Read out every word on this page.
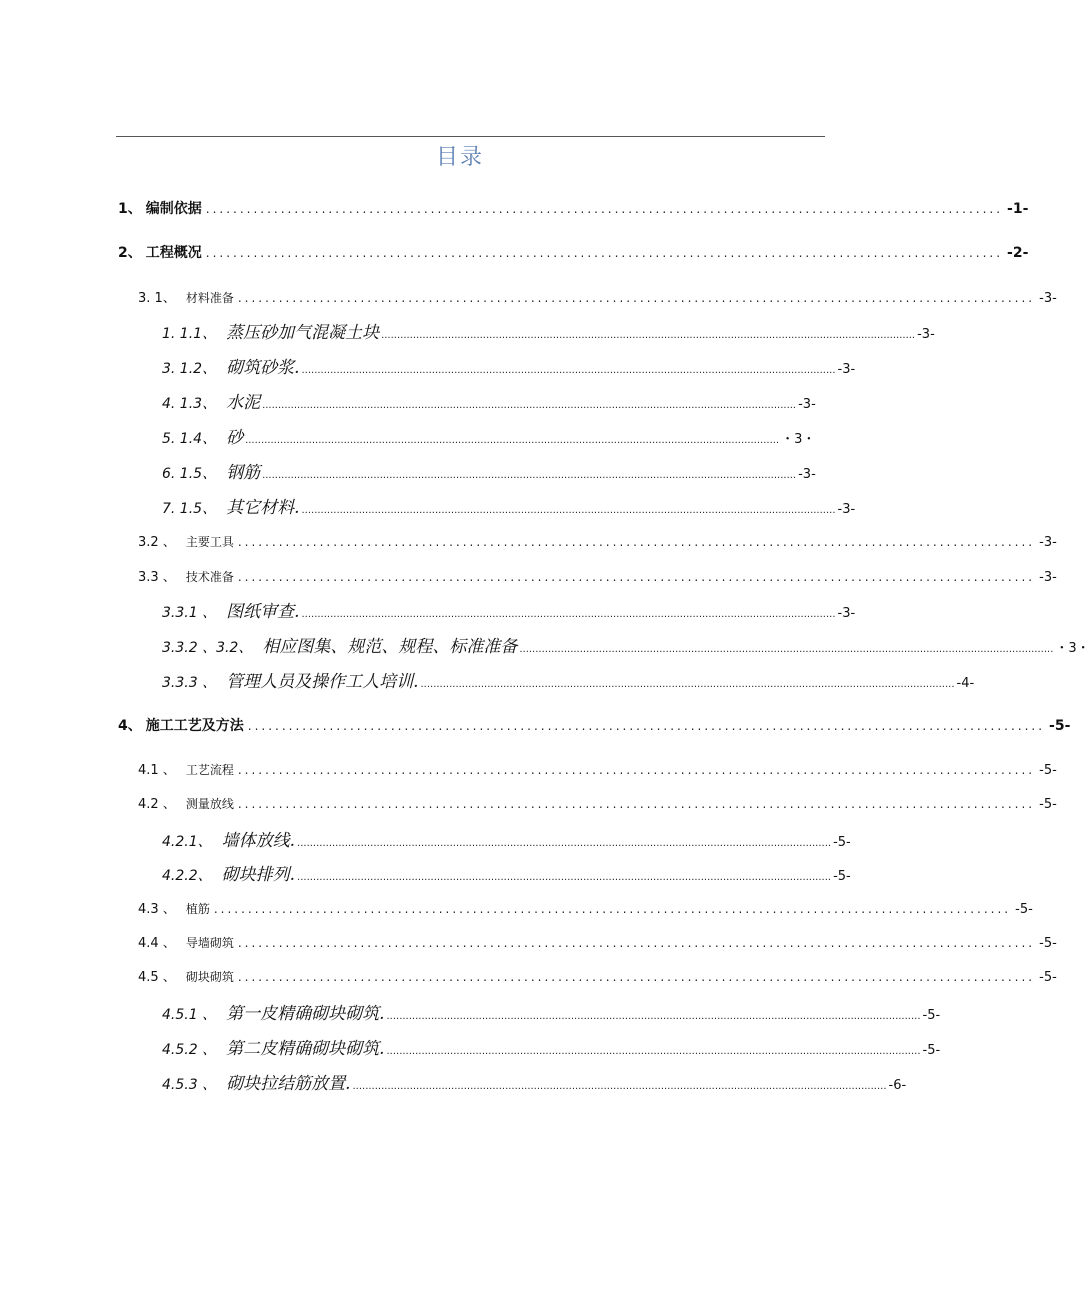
目录
1、 编制依据 ..................................................................................................................... -1-
2、 工程概况 ..................................................................................................................... -2-
3. 1、 材料准备 ..................................................................................................................... -3-
1. 1.1、 蒸压砂加气混凝土块 ........................................................................................................................................................................ -3-
3. 1.2、 砌筑砂浆. ........................................................................................................................................................................ -3-
4. 1.3、 水泥 ........................................................................................................................................................................ -3-
5. 1.4、 砂 ........................................................................................................................................................................ ・3・
6. 1.5、 钢筋 ........................................................................................................................................................................ -3-
7. 1.5、 其它材料. ........................................................................................................................................................................ -3-
3.2 、 主要工具 ..................................................................................................................... -3-
3.3 、 技术准备 ..................................................................................................................... -3-
3.3.1 、 图纸审查. ........................................................................................................................................................................ -3-
3.3.2 、3.2、 相应图集、规范、规程、标准准备 ........................................................................................................................................................................ ・3・
3.3.3 、 管理人员及操作工人培训. ........................................................................................................................................................................ -4-
4、 施工工艺及方法 ..................................................................................................................... -5-
4.1 、 工艺流程 ..................................................................................................................... -5-
4.2 、 测量放线 ..................................................................................................................... -5-
4.2.1、 墙体放线. ........................................................................................................................................................................ -5-
4.2.2、 砌块排列. ........................................................................................................................................................................ -5-
4.3 、 植筋 ..................................................................................................................... -5-
4.4 、 导墙砌筑 ..................................................................................................................... -5-
4.5 、 砌块砌筑 ..................................................................................................................... -5-
4.5.1 、 第一皮精确砌块砌筑. ........................................................................................................................................................................ -5-
4.5.2 、 第二皮精确砌块砌筑. ........................................................................................................................................................................ -5-
4.5.3 、 砌块拉结筋放置. ........................................................................................................................................................................ -6-
